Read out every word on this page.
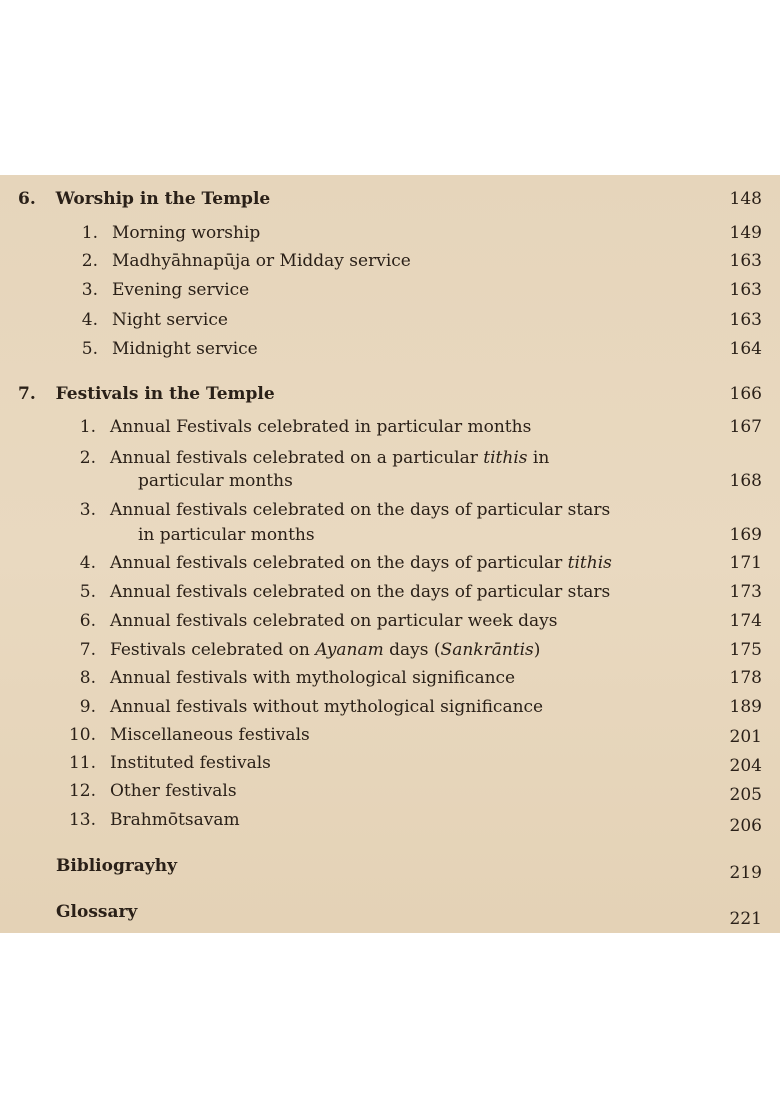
6. Worship in the Temple	148
1. Morning worship	149
2. Madhyāhnapūja or Midday service	163
3. Evening service	163
4. Night service	163
5. Midnight service	164
7. Festivals in the Temple	166
1. Annual Festivals celebrated in particular months	167
2. Annual festivals celebrated on a particular tithis in
particular months	168
3. Annual festivals celebrated on the days of particular stars
in particular months	169
4. Annual festivals celebrated on the days of particular tithis	171
5. Annual festivals celebrated on the days of particular stars	173
6. Annual festivals celebrated on particular week days	174
7. Festivals celebrated on Ayanam days (Sankrāntis)	175
8. Annual festivals with mythological significance	178
9. Annual festivals without mythological significance	189
10. Miscellaneous festivals	201
11. Instituted festivals	204
12. Other festivals	205
13. Brahmōtsavam	206
Bibliograyhy	219
Glossary	221
